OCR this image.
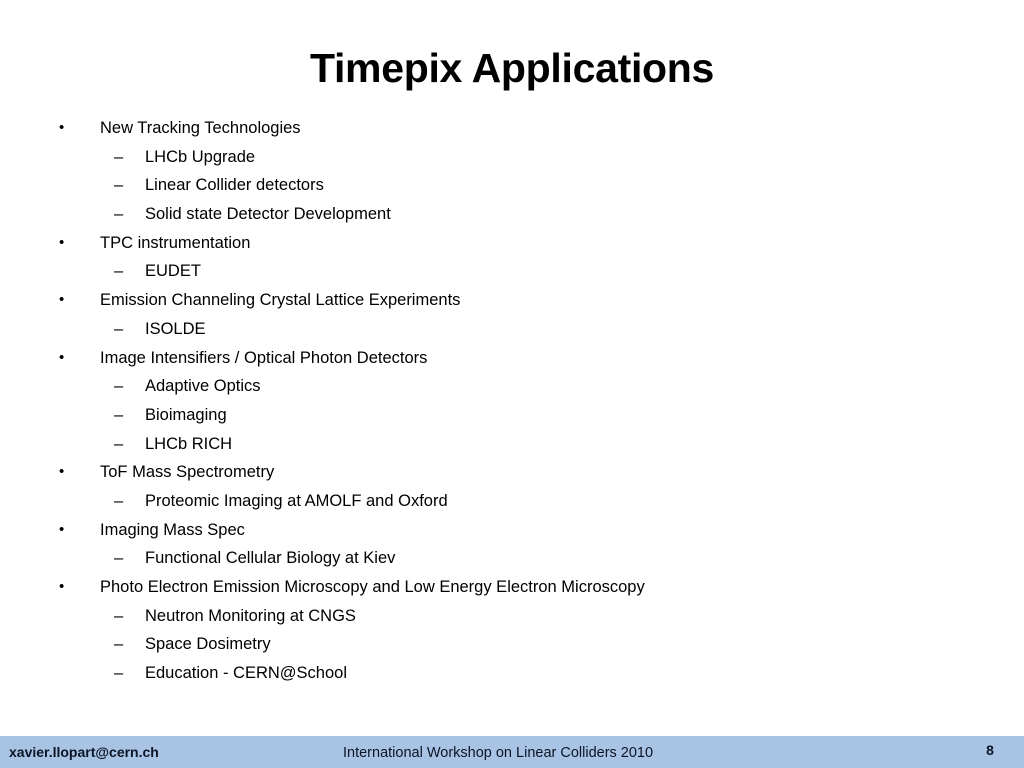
Timepix Applications
• New Tracking Technologies
– LHCb Upgrade
– Linear Collider detectors
– Solid state Detector Development
• TPC instrumentation
– EUDET
• Emission Channeling Crystal Lattice Experiments
– ISOLDE
• Image Intensifiers / Optical Photon Detectors
– Adaptive Optics
– Bioimaging
– LHCb RICH
• ToF Mass Spectrometry
– Proteomic Imaging at AMOLF and Oxford
• Imaging Mass Spec
– Functional Cellular Biology at Kiev
• Photo Electron Emission Microscopy and Low Energy Electron Microscopy
– Neutron Monitoring at CNGS
– Space Dosimetry
– Education - CERN@School
xavier.llopart@cern.ch	International Workshop on Linear Colliders 2010	8
